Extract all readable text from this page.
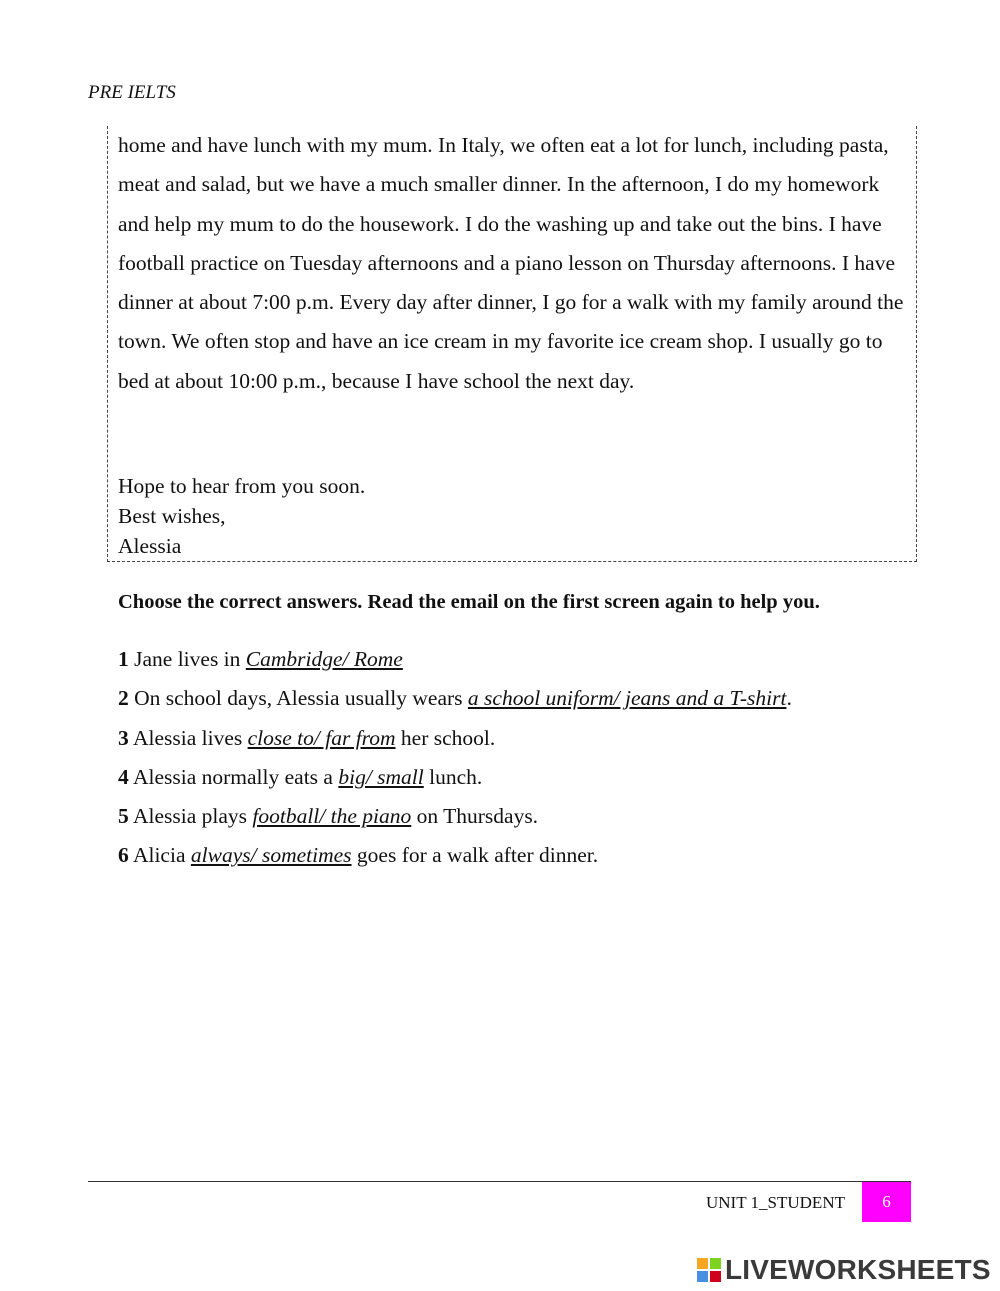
PRE IELTS

home and have lunch with my mum. In Italy, we often eat a lot for lunch, including pasta, meat and salad, but we have a much smaller dinner. In the afternoon, I do my homework and help my mum to do the housework. I do the washing up and take out the bins. I have football practice on Tuesday afternoons and a piano lesson on Thursday afternoons. I have dinner at about 7:00 p.m. Every day after dinner, I go for a walk with my family around the town. We often stop and have an ice cream in my favorite ice cream shop. I usually go to bed at about 10:00 p.m., because I have school the next day.

Hope to hear from you soon.
Best wishes,
Alessia
Choose the correct answers. Read the email on the first screen again to help you.
1 Jane lives in Cambridge/ Rome
2 On school days, Alessia usually wears a school uniform/ jeans and a T-shirt.
3 Alessia lives close to/ far from her school.
4 Alessia normally eats a big/ small lunch.
5 Alessia plays football/ the piano on Thursdays.
6 Alicia always/ sometimes goes for a walk after dinner.
UNIT 1_STUDENT	6
LIVEWORKSHEETS
